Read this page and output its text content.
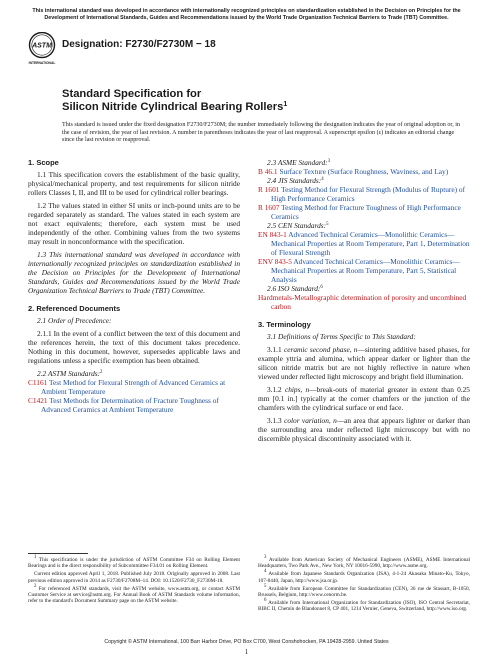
This international standard was developed in accordance with internationally recognized principles on standardization established in the Decision on Principles for the Development of International Standards, Guides and Recommendations issued by the World Trade Organization Technical Barriers to Trade (TBT) Committee.
ASTM
INTERNATIONAL
Designation: F2730/F2730M − 18
Standard Specification for
Silicon Nitride Cylindrical Bearing Rollers$^1$
This standard is issued under the fixed designation F2730/F2730M; the number immediately following the designation indicates the year of original adoption or, in the case of revision, the year of last revision. A number in parentheses indicates the year of last reapproval. A superscript epsilon (ε) indicates an editorial change since the last revision or reapproval.
1. Scope

1.1 This specification covers the establishment of the basic quality, physical/mechanical property, and test requirements for silicon nitride rollers Classes I, II, and III to be used for cylindrical roller bearings.

1.2 The values stated in either SI units or inch-pound units are to be regarded separately as standard. The values stated in each system are not exact equivalents; therefore, each system must be used independently of the other. Combining values from the two systems may result in nonconformance with the specification.

1.3 This international standard was developed in accordance with internationally recognized principles on standardization established in the Decision on Principles for the Development of International Standards, Guides and Recommendations issued by the World Trade Organization Technical Barriers to Trade (TBT) Committee.

2. Referenced Documents

2.1 Order of Precedence:

2.1.1 In the event of a conflict between the text of this document and the references herein, the text of this document takes precedence. Nothing in this document, however, supersedes applicable laws and regulations unless a specific exemption has been obtained.

2.2 ASTM Standards:$^2$

C1161 Test Method for Flexural Strength of Advanced Ceramics at Ambient Temperature
C1421 Test Methods for Determination of Fracture Toughness of Advanced Ceramics at Ambient Temperature

2.3 ASME Standard:$^3$

B 46.1 Surface Texture (Surface Roughness, Waviness, and Lay)

2.4 JIS Standards:$^4$

R 1601 Testing Method for Flexural Strength (Modulus of Rupture) of High Performance Ceramics
R 1607 Testing Method for Fracture Toughness of High Performance Ceramics

2.5 CEN Standards:$^5$

EN 843-1 Advanced Technical Ceramics—Monolithic Ceramics—Mechanical Properties at Room Temperature, Part 1, Determination of Flexural Strength
ENV 843-5 Advanced Technical Ceramics—Monolithic Ceramics—Mechanical Properties at Room Temperature, Part 5, Statistical Analysis

2.6 ISO Standard:$^6$

Hardmetals-Metallographic determination of porosity and uncombined carbon
3. Terminology

3.1 Definitions of Terms Specific to This Standard:

3.1.1 ceramic second phase, n—sintering additive based phases, for example yttria and alumina, which appear darker or lighter than the silicon nitride matrix but are not highly reflective in nature when viewed under reflected light microscopy and bright field illumination.

3.1.2 chips, n—break-outs of material greater in extent than 0.25 mm [0.1 in.] typically at the corner chamfers or the junction of the chamfers with the cylindrical surface or end face.

3.1.3 color variation, n—an area that appears lighter or darker than the surrounding area under reflected light microscopy but with no discernible physical discontinuity associated with it.

$^1$ This specification is under the jurisdiction of ASTM Committee F34 on Rolling Element Bearings and is the direct responsibility of Subcommittee F34.01 on Rolling Element.

Current edition approved April 1, 2018. Published July 2018. Originally approved in 2008. Last previous edition approved in 2014 as F2730/F2708M–14. DOI: 10.1520/F2730_F2730M-18.

$^2$ For referenced ASTM standards, visit the ASTM website, www.astm.org, or contact ASTM Customer Service at service@astm.org. For Annual Book of ASTM Standards volume information, refer to the standard's Document Summary page on the ASTM website.

$^3$ Available from American Society of Mechanical Engineers (ASME), ASME International Headquarters, Two Park Ave., New York, NY 10016-5990, http://www.asme.org.

$^4$ Available from Japanese Standards Organization (JSA), 4-1-24 Akasaka Minato-Ku, Tokyo, 107-8440, Japan, http://www.jsa.or.jp.

$^5$ Available from European Committee for Standardization (CEN), 36 rue de Stassart, B-1050, Brussels, Belgium, http://www.cenorm.be.

$^6$ Available from International Organization for Standardization (ISO), ISO Central Secretariat, BIBC II, Chemin de Blandonnet 8, CP 401, 1214 Vernier, Geneva, Switzerland, http://www.iso.org.

Copyright © ASTM International, 100 Barr Harbor Drive, PO Box C700, West Conshohocken, PA 19428-2959. United States
1
